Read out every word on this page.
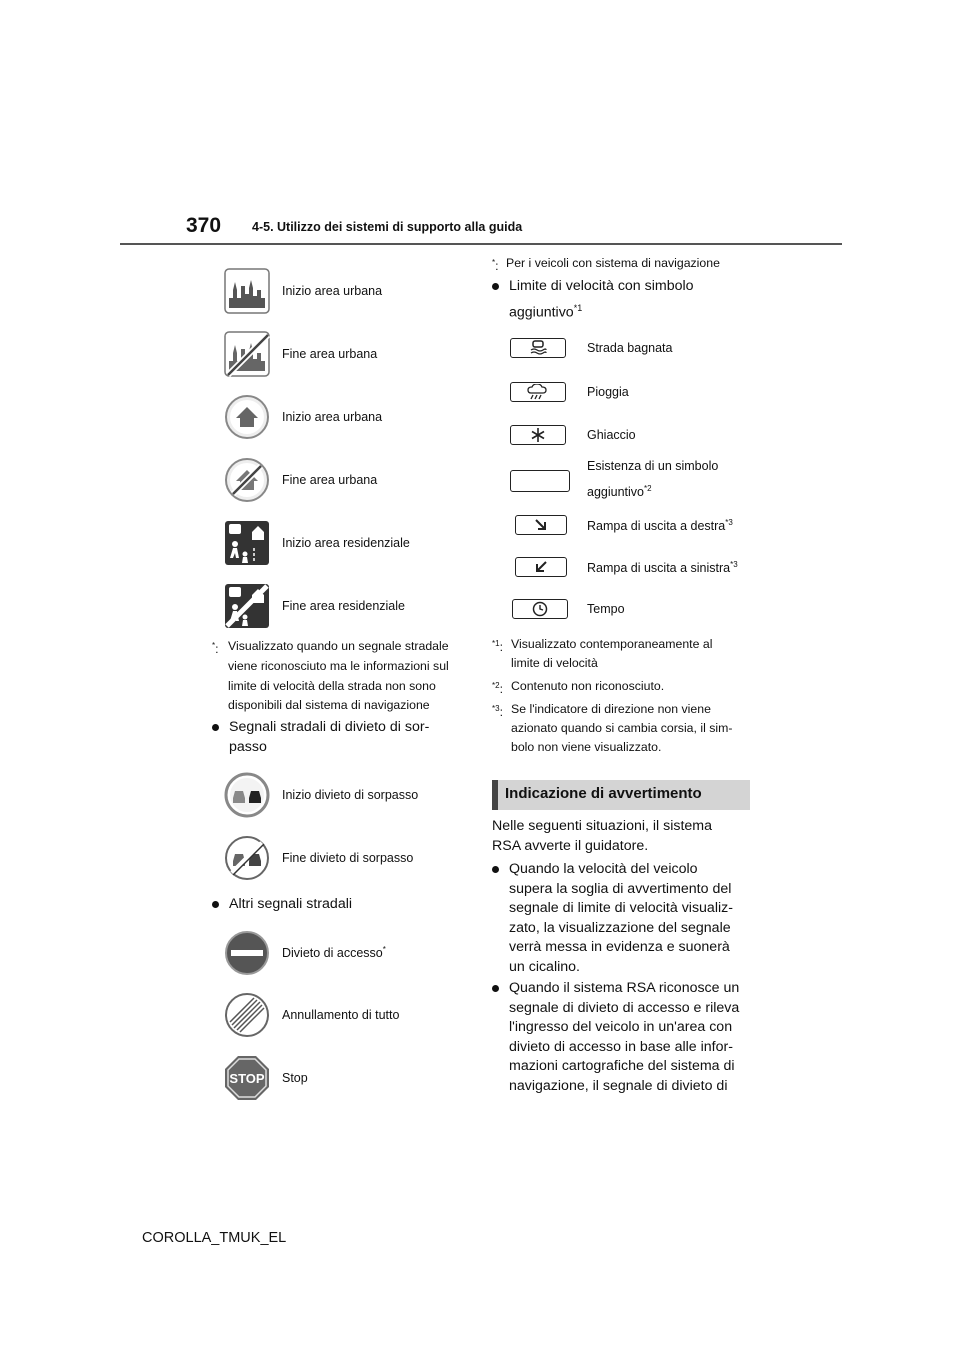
370 4-5. Utilizzo dei sistemi di supporto alla guida
Inizio area urbana
Fine area urbana
Inizio area urbana
Fine area urbana
Inizio area residenziale
Fine area residenziale
*: Visualizzato quando un segnale stradale
viene riconosciuto ma le informazioni sul
limite di velocità della strada non sono
disponibili dal sistema di navigazione
Segnali stradali di divieto di sor-
passo
Inizio divieto di sorpasso
Fine divieto di sorpasso
Altri segnali stradali
Divieto di accesso*
Annullamento di tutto
STOP Stop
*: Per i veicoli con sistema di navigazione
Limite di velocità con simbolo
aggiuntivo$^{*1}$
Strada bagnata
Pioggia
Ghiaccio
Esistenza di un simbolo
aggiuntivo$^{*2}$
Rampa di uscita a destra$^{*3}$
Rampa di uscita a sinistra$^{*3}$
Tempo
$^{*1}$: Visualizzato contemporaneamente al
limite di velocità
$^{*2}$: Contenuto non riconosciuto.
$^{*3}$: Se l'indicatore di direzione non viene
azionato quando si cambia corsia, il sim-
bolo non viene visualizzato.
Indicazione di avvertimento
Nelle seguenti situazioni, il sistema
RSA avverte il guidatore.
Quando la velocità del veicolo
supera la soglia di avvertimento del
segnale di limite di velocità visualiz-
zato, la visualizzazione del segnale
verrà messa in evidenza e suonerà
un cicalino.
Quando il sistema RSA riconosce un
segnale di divieto di accesso e rileva
l'ingresso del veicolo in un'area con
divieto di accesso in base alle infor-
mazioni cartografiche del sistema di
navigazione, il segnale di divieto di
COROLLA_TMUK_EL
